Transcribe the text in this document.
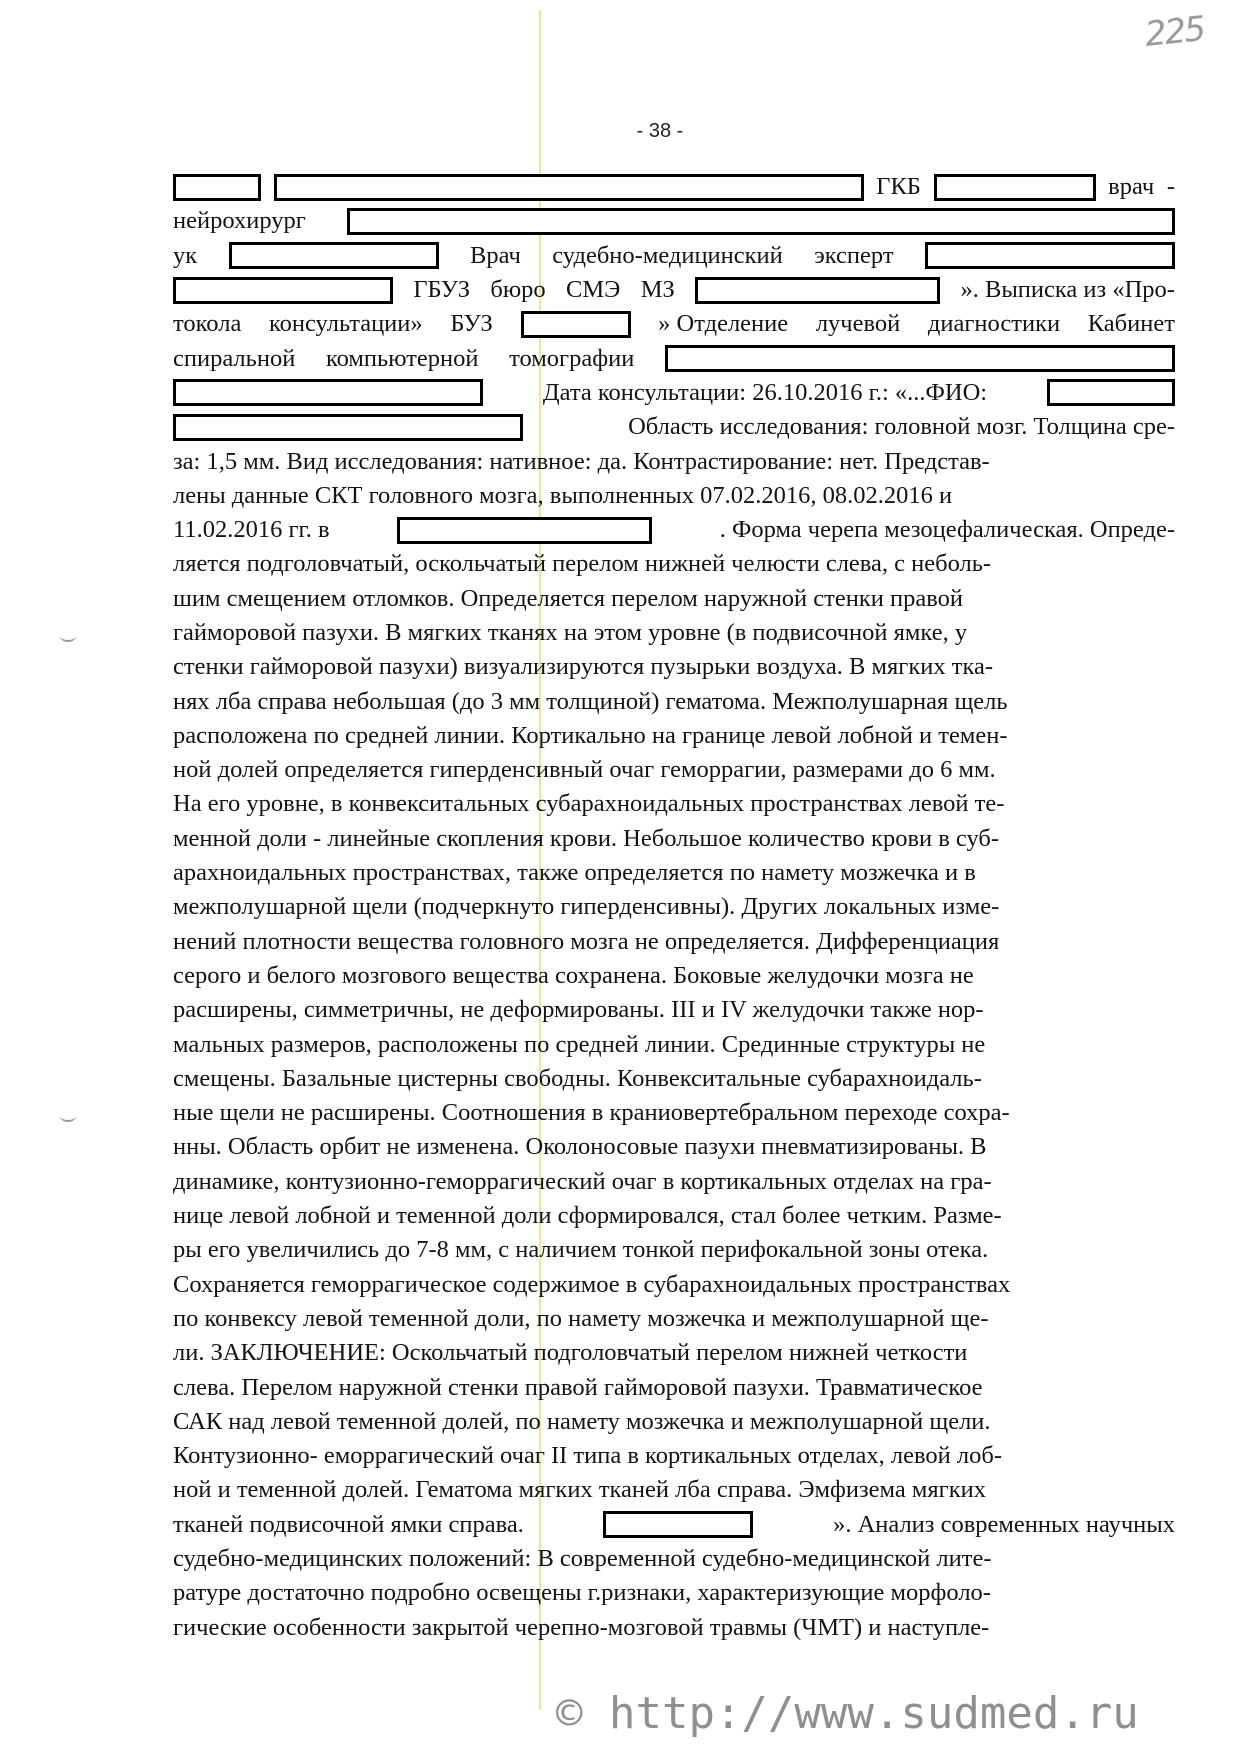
225
- 38 -
ГКБ	врач -
нейрохирург
ук	Врач судебно-медицинский эксперт
ГБУЗ бюро СМЭ МЗ	». Выписка из «Про-
токола консультации» БУЗ	» Отделение лучевой диагностики Кабинет
спиральной компьютерной томографии
Дата консультации: 26.10.2016 г.: «...ФИО:
Область исследования: головной мозг. Толщина сре-
за: 1,5 мм. Вид исследования: нативное: да. Контрастирование: нет. Представ-
лены данные СКТ головного мозга, выполненных 07.02.2016, 08.02.2016 и
11.02.2016 гг. в	. Форма черепа мезоцефалическая. Опреде-
ляется подголовчатый, оскольчатый перелом нижней челюсти слева, с неболь-
шим смещением отломков. Определяется перелом наружной стенки правой
гайморовой пазухи. В мягких тканях на этом уровне (в подвисочной ямке, у
стенки гайморовой пазухи) визуализируются пузырьки воздуха. В мягких тка-
нях лба справа небольшая (до 3 мм толщиной) гематома. Межполушарная щель
расположена по средней линии. Кортикально на границе левой лобной и темен-
ной долей определяется гиперденсивный очаг геморрагии, размерами до 6 мм.
На его уровне, в конвекситальных субарахноидальных пространствах левой те-
менной доли - линейные скопления крови. Небольшое количество крови в суб-
арахноидальных пространствах, также определяется по намету мозжечка и в
межполушарной щели (подчеркнуто гиперденсивны). Других локальных изме-
нений плотности вещества головного мозга не определяется. Дифференциация
серого и белого мозгового вещества сохранена. Боковые желудочки мозга не
расширены, симметричны, не деформированы. III и IV желудочки также нор-
мальных размеров, расположены по средней линии. Срединные структуры не
смещены. Базальные цистерны свободны. Конвекситальные субарахноидаль-
ные щели не расширены. Соотношения в краниовертебральном переходе сохра-
нны. Область орбит не изменена. Околоносовые пазухи пневматизированы. В
динамике, контузионно-геморрагический очаг в кортикальных отделах на гра-
нице левой лобной и теменной доли сформировался, стал более четким. Разме-
ры его увеличились до 7-8 мм, с наличием тонкой перифокальной зоны отека.
Сохраняется геморрагическое содержимое в субарахноидальных пространствах
по конвексу левой теменной доли, по намету мозжечка и межполушарной ще-
ли. ЗАКЛЮЧЕНИЕ: Оскольчатый подголовчатый перелом нижней четкости
слева. Перелом наружной стенки правой гайморовой пазухи. Травматическое
САК над левой теменной долей, по намету мозжечка и межполушарной щели.
Контузионно- еморрагический очаг II типа в кортикальных отделах, левой лоб-
ной и теменной долей. Гематома мягких тканей лба справа. Эмфизема мягких
тканей подвисочной ямки справа.	». Анализ современных научных
судебно-медицинских положений: В современной судебно-медицинской лите-
ратуре достаточно подробно освещены г.ризнаки, характеризующие морфоло-
гические особенности закрытой черепно-мозговой травмы (ЧМТ) и наступле-
© http://www.sudmed.ru
